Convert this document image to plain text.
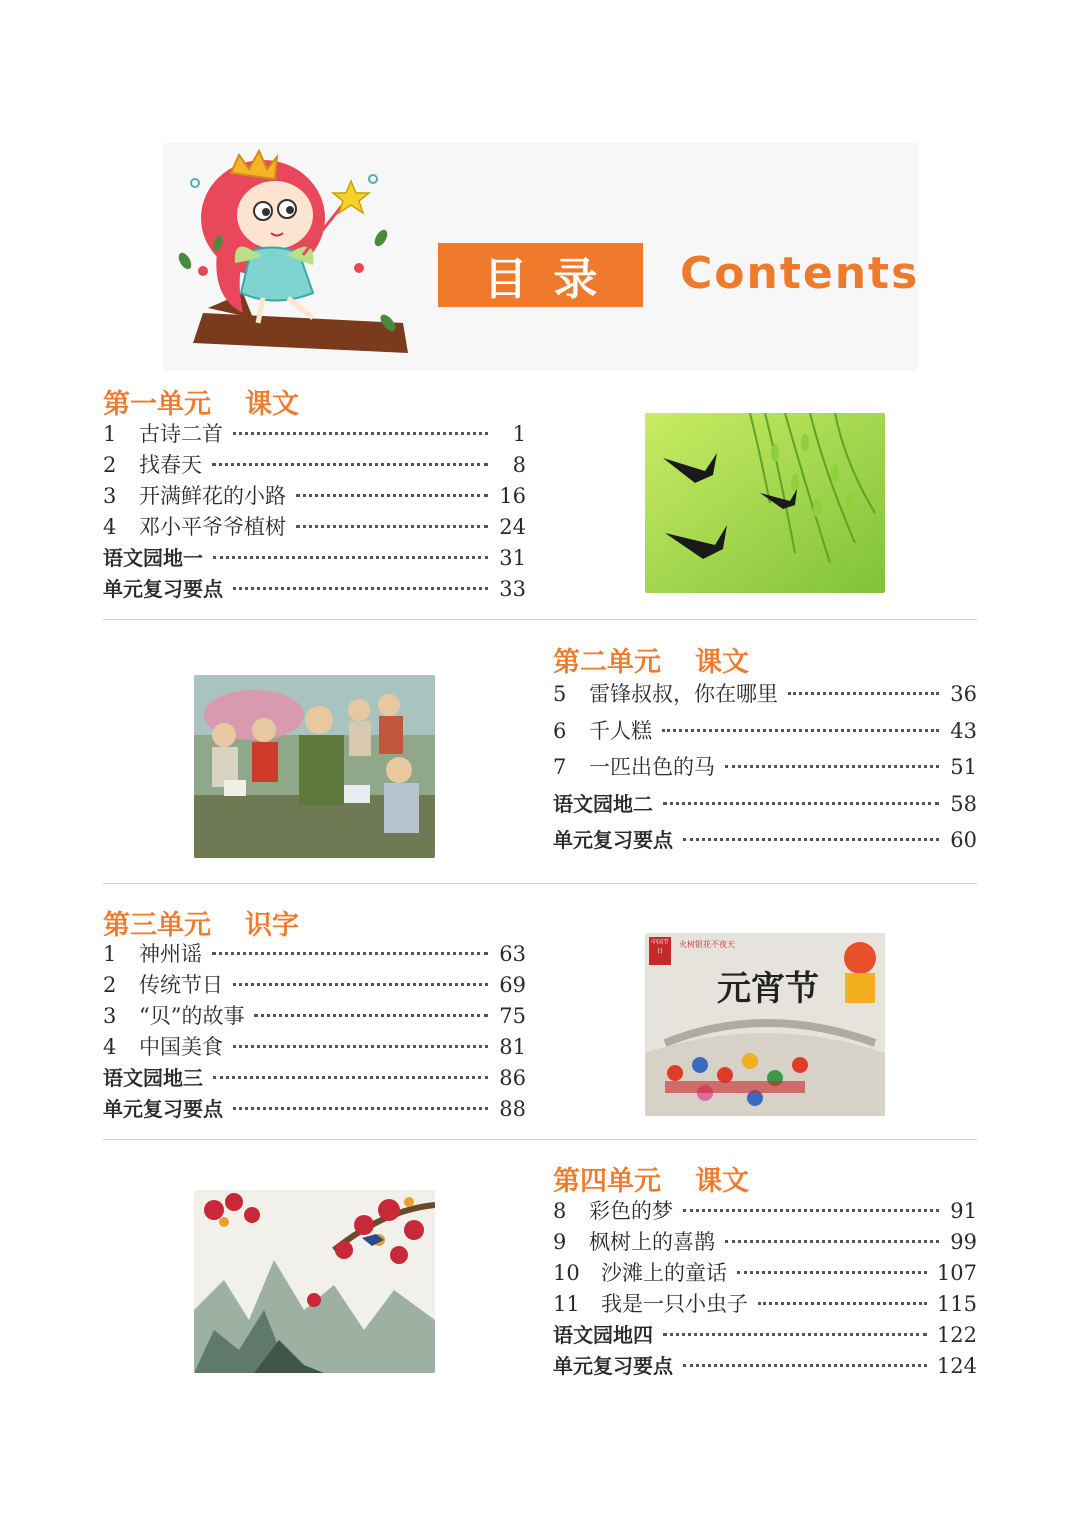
目录 Contents
第一单元 课文
1	古诗二首	1
2	找春天	8
3	开满鲜花的小路	16
4	邓小平爷爷植树	24
语文园地一	31
单元复习要点	33
第二单元 课文
5	雷锋叔叔，你在哪里	36
6	千人糕	43
7	一匹出色的马	51
语文园地二	58
单元复习要点	60
第三单元 识字
1	神州谣	63
2	传统节日	69
3	“贝”的故事	75
4	中国美食	81
语文园地三	86
单元复习要点	88
中国节日
火树银花不夜天
元宵节
第四单元 课文
8	彩色的梦	91
9	枫树上的喜鹊	99
10	沙滩上的童话	107
11	我是一只小虫子	115
语文园地四	122
单元复习要点	124
